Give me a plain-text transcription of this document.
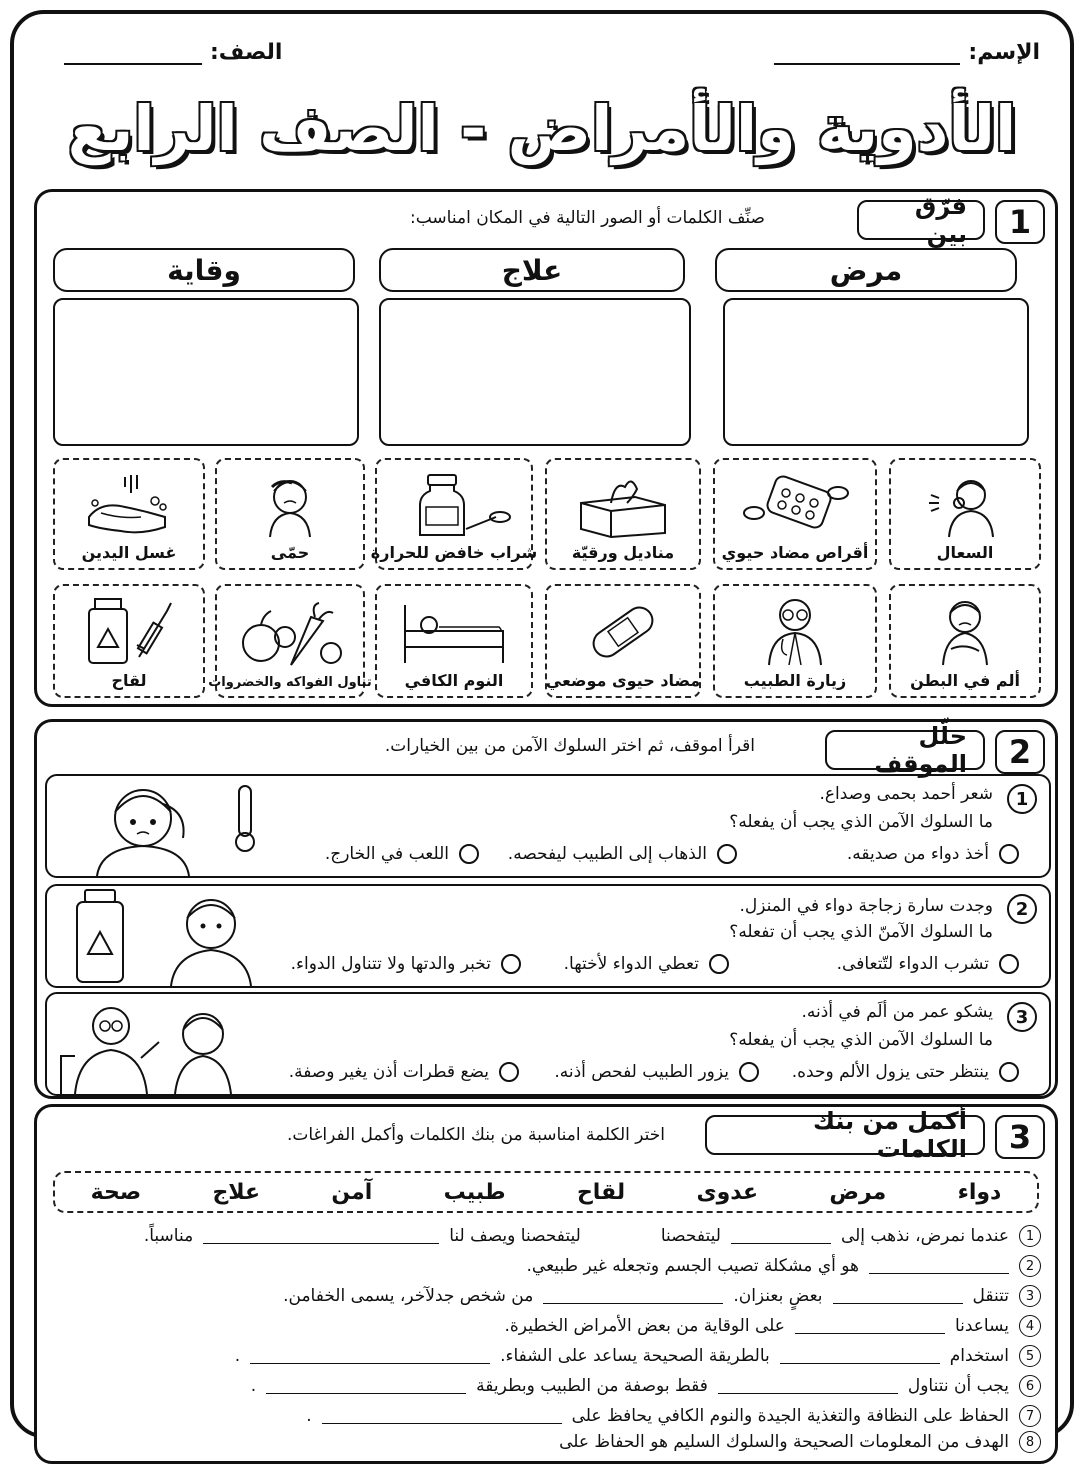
الإسم:
الصف:
الأدوية والأمراض - الصف الرابع
1
فرّق بين
صنِّف الكلمات أو الصور التالية في المكان امناسب:
مرض
علاج
وقاية
السعال
أقراص مضاد حيوي
مناديل ورقيّة
شراب خافض للحرارة
حمّى
غسل اليدين
ألم في البطن
زيارة الطبيب
مضاد حيوى موضعي
النوم الكافي
تناول الفواكه والخضروات
لقاح
2
حلّل الموقف
اقرأ اموقف، ثم اختر السلوك الآمن من بين الخيارات.
1
شعر أحمد بحمى وصداع.
ما السلوك الآمن الذي يجب أن يفعله؟
أخذ دواء من صديقه.
الذهاب إلى الطبيب ليفحصه.
اللعب في الخارج.
2
وجدت سارة زجاجة دواء في المنزل.
ما السلوك الآمنّ الذي يجب أن تفعله؟
تشرب الدواء لتّتعافى.
تعطي الدواء لأختها.
تخبر والدتها ولا تتناول الدواء.
3
يشكو عمر من ألَم في أذنه.
ما السلوك الآمن الذي يجب أن يفعله؟
ينتظر حتى يزول الألم وحده.
يزور الطبيب لفحص أذنه.
يضع قطرات أذن يغير وصفة.
3
أكمل من بنك الكلمات
اختر الكلمة امناسبة من بنك الكلمات وأكمل الفراغات.
دواء
مرض
عدوى
لقاح
طبيب
آمن
علاج
صحة
1
عندما نمرض، نذهب إلى
ليتفحصنا
ليتفحصنا ويصف لنا
مناسباً.
2
هو أي مشكلة تصيب الجسم وتجعله غير طبيعي.
3
تتنقل
بعضٍ بعنزان.
من شخص جدلآخر، يسمى الخفامن.
4
يساعدنا
على الوقاية من بعض الأمراض الخطيرة.
5
استخدام
بالطريقة الصحيحة يساعد على الشفاء.
.
6
يجب أن نتناول
فقط بوصفة من الطبيب وبطريقة
.
7
الحفاظ على النظافة والتغذية الجيدة والنوم الكافي يحافظ على
.
8
الهدف من المعلومات الصحيحة والسلوك السليم هو الحفاظ على
